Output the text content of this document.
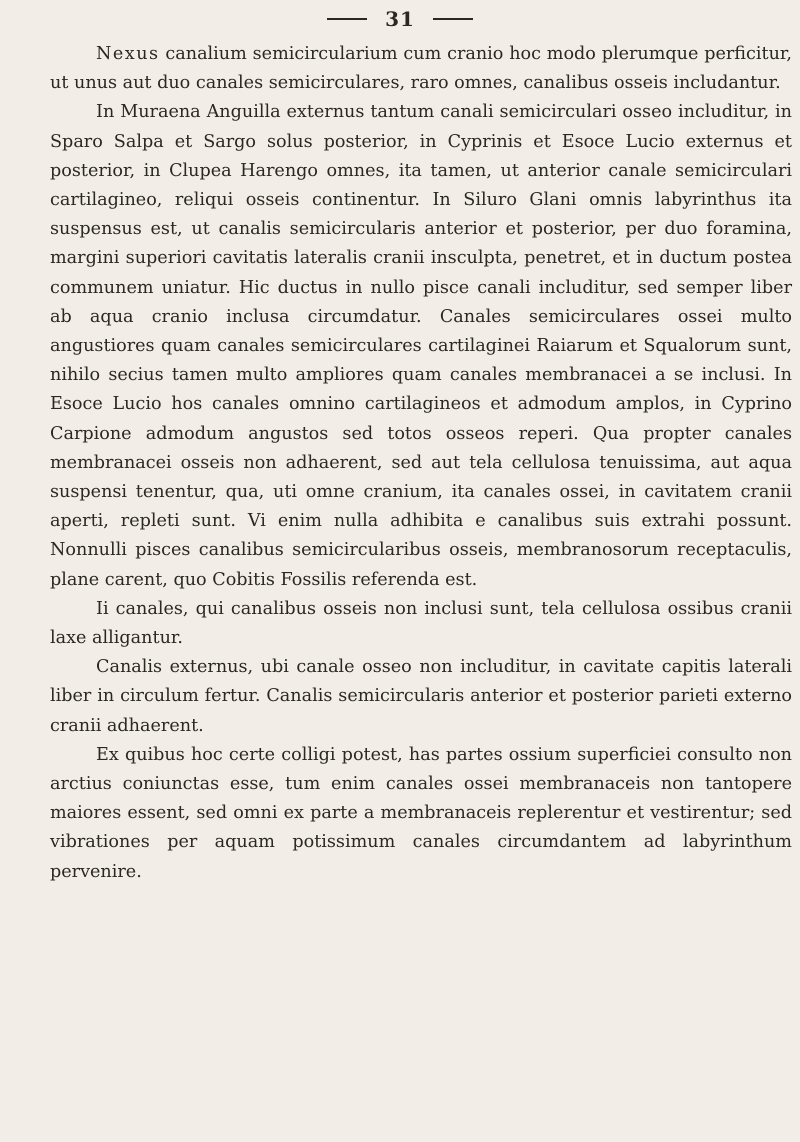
31

Nexus canalium semicircularium cum cranio hoc modo plerumque perficitur, ut unus aut duo canales semicirculares, raro omnes, canalibus osseis includantur.

In Muraena Anguilla externus tantum canali semicirculari osseo includitur, in Sparo Salpa et Sargo solus posterior, in Cyprinis et Esoce Lucio externus et posterior, in Clupea Harengo omnes, ita tamen, ut anterior canale semicirculari cartilagineo, reliqui osseis continentur. In Siluro Glani omnis labyrinthus ita suspensus est, ut canalis semicircularis anterior et posterior, per duo foramina, margini superiori cavitatis lateralis cranii insculpta, penetret, et in ductum postea communem uniatur. Hic ductus in nullo pisce canali includitur, sed semper liber ab aqua cranio inclusa circumdatur. Canales semicirculares ossei multo angustiores quam canales semicirculares cartilaginei Raiarum et Squalorum sunt, nihilo secius tamen multo ampliores quam canales membranacei a se inclusi. In Esoce Lucio hos canales omnino cartilagineos et admodum amplos, in Cyprino Carpione admodum angustos sed totos osseos reperi. Qua propter canales membranacei osseis non adhaerent, sed aut tela cellulosa tenuissima, aut aqua suspensi tenentur, qua, uti omne cranium, ita canales ossei, in cavitatem cranii aperti, repleti sunt. Vi enim nulla adhibita e canalibus suis extrahi possunt. Nonnulli pisces canalibus semicircularibus osseis, membranosorum receptaculis, plane carent, quo Cobitis Fossilis referenda est.

Ii canales, qui canalibus osseis non inclusi sunt, tela cellulosa ossibus cranii laxe alligantur.

Canalis externus, ubi canale osseo non includitur, in cavitate capitis laterali liber in circulum fertur. Canalis semicircularis anterior et posterior parieti externo cranii adhaerent.

Ex quibus hoc certe colligi potest, has partes ossium superficiei consulto non arctius coniunctas esse, tum enim canales ossei membranaceis non tantopere maiores essent, sed omni ex parte a membranaceis replerentur et vestirentur; sed vibrationes per aquam potissimum canales circumdantem ad labyrinthum pervenire.
